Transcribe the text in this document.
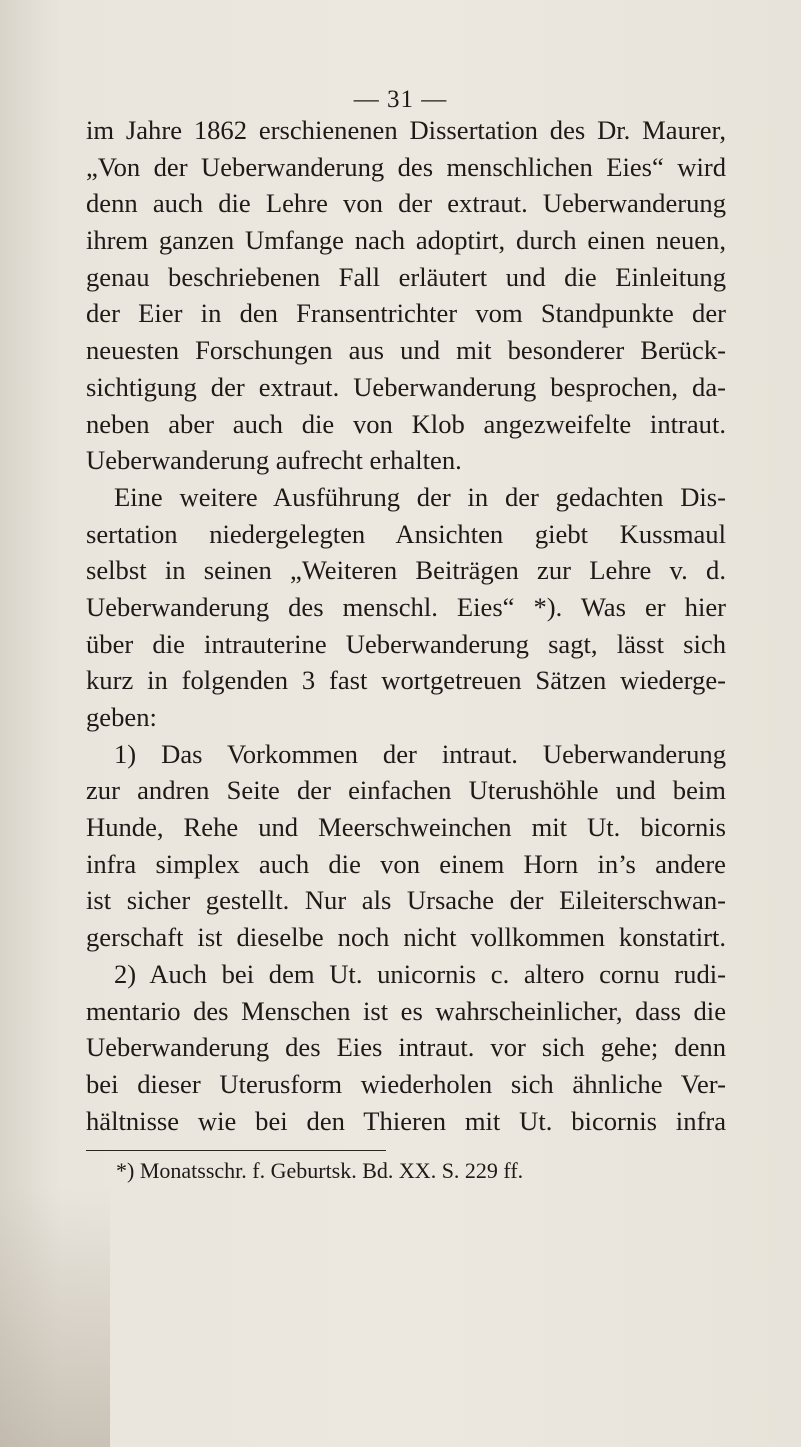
— 31 —
im Jahre 1862 erschienenen Dissertation des Dr. Maurer,
„Von der Ueberwanderung des menschlichen Eies“ wird
denn auch die Lehre von der extraut. Ueberwanderung
ihrem ganzen Umfange nach adoptirt, durch einen neuen,
genau beschriebenen Fall erläutert und die Einleitung
der Eier in den Fransentrichter vom Standpunkte der
neuesten Forschungen aus und mit besonderer Berück-
sichtigung der extraut. Ueberwanderung besprochen, da-
neben aber auch die von Klob angezweifelte intraut.
Ueberwanderung aufrecht erhalten.
Eine weitere Ausführung der in der gedachten Dis-
sertation niedergelegten Ansichten giebt Kussmaul
selbst in seinen „Weiteren Beiträgen zur Lehre v. d.
Ueberwanderung des menschl. Eies“ *). Was er hier
über die intrauterine Ueberwanderung sagt, lässt sich
kurz in folgenden 3 fast wortgetreuen Sätzen wiederge-
geben:
1) Das Vorkommen der intraut. Ueberwanderung
zur andren Seite der einfachen Uterushöhle und beim
Hunde, Rehe und Meerschweinchen mit Ut. bicornis
infra simplex auch die von einem Horn in’s andere
ist sicher gestellt. Nur als Ursache der Eileiterschwan-
gerschaft ist dieselbe noch nicht vollkommen konstatirt.
2) Auch bei dem Ut. unicornis c. altero cornu rudi-
mentario des Menschen ist es wahrscheinlicher, dass die
Ueberwanderung des Eies intraut. vor sich gehe; denn
bei dieser Uterusform wiederholen sich ähnliche Ver-
hältnisse wie bei den Thieren mit Ut. bicornis infra
*) Monatsschr. f. Geburtsk. Bd. XX. S. 229 ff.
